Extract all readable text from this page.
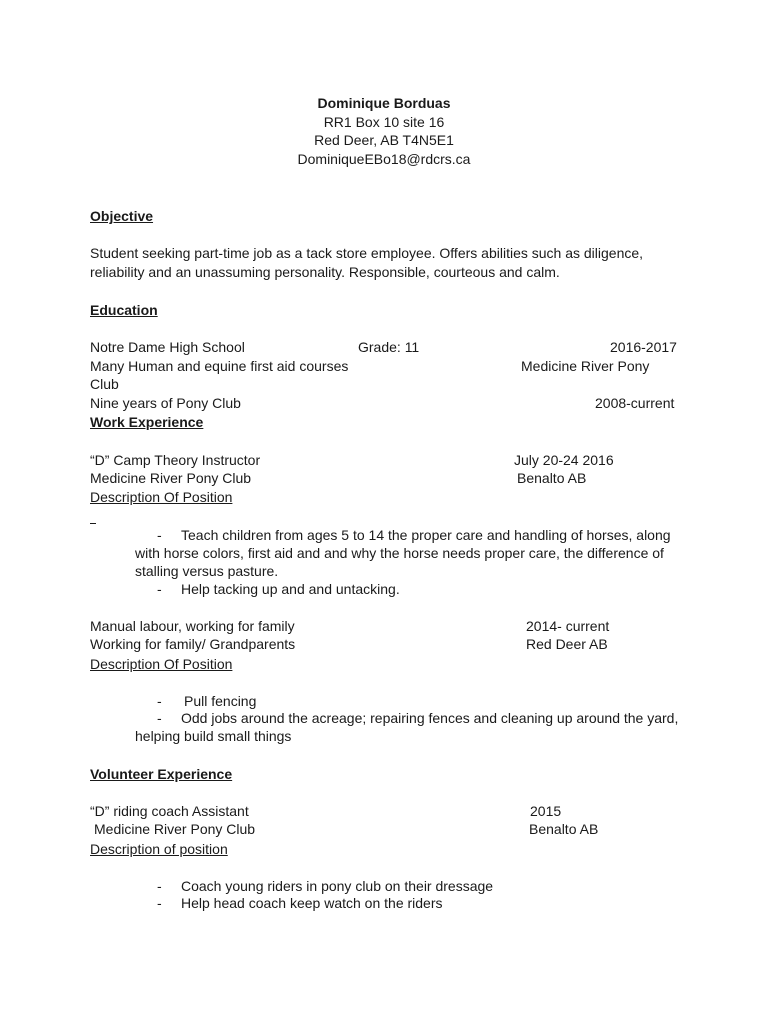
Dominique Borduas
RR1 Box 10 site 16
Red Deer, AB T4N5E1
DominiqueEBo18@rdcrs.ca
Objective
Student seeking part-time job as a tack store employee. Offers abilities such as diligence,
reliability and an unassuming personality. Responsible, courteous and calm.
Education
Notre Dame High School	Grade: 11	2016-2017
Many Human and equine first aid courses	Medicine River Pony
Club
Nine years of Pony Club	2008-current
Work Experience
“D” Camp Theory Instructor	July 20-24 2016
Medicine River Pony Club	Benalto AB
Description Of Position
- Teach children from ages 5 to 14 the proper care and handling of horses, along
with horse colors, first aid and and why the horse needs proper care, the difference of
stalling versus pasture.
- Help tacking up and and untacking.
Manual labour, working for family	2014- current
Working for family/ Grandparents	Red Deer AB
Description Of Position
- Pull fencing
- Odd jobs around the acreage; repairing fences and cleaning up around the yard,
helping build small things
Volunteer Experience
“D” riding coach Assistant	2015
Medicine River Pony Club	Benalto AB
Description of position
- Coach young riders in pony club on their dressage
- Help head coach keep watch on the riders
